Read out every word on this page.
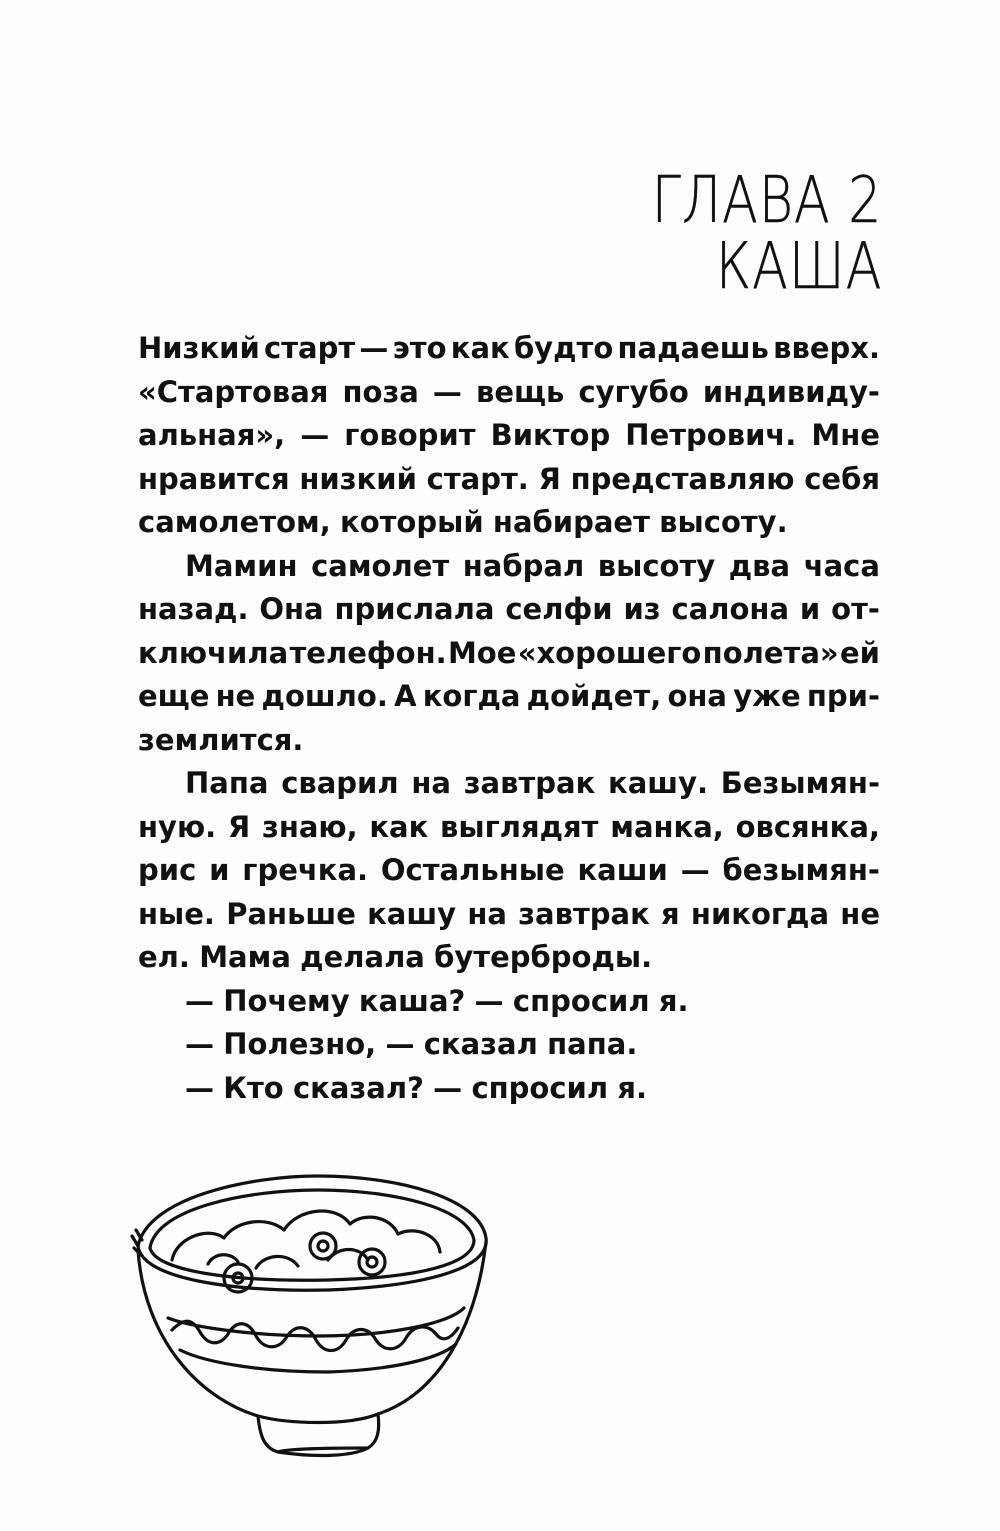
ГЛАВА 2
КАША
Низкий старт — это как будто падаешь вверх.
«Стартовая поза — вещь сугубо индивиду-
альная», — говорит Виктор Петрович. Мне
нравится низкий старт. Я представляю себя
самолетом, который набирает высоту.
Мамин самолет набрал высоту два часа
назад. Она прислала селфи из салона и от-
ключила телефон. Мое «хорошего полета» ей
еще не дошло. А когда дойдет, она уже при-
землится.
Папа сварил на завтрак кашу. Безымян-
ную. Я знаю, как выглядят манка, овсянка,
рис и гречка. Остальные каши — безымян-
ные. Раньше кашу на завтрак я никогда не
ел. Мама делала бутерброды.
— Почему каша? — спросил я.
— Полезно, — сказал папа.
— Кто сказал? — спросил я.
